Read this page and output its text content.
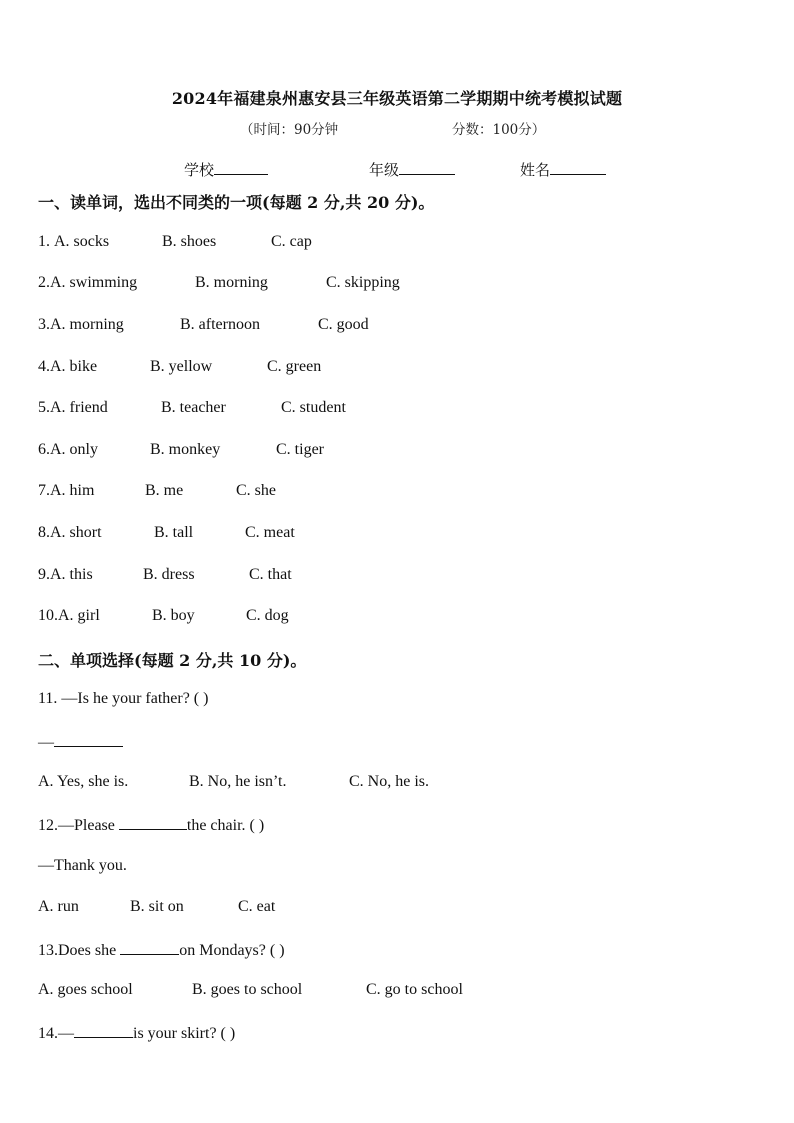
2024年福建泉州惠安县三年级英语第二学期期中统考模拟试题
（时间：90分钟	分数：100分）
学校	年级	姓名
一、读单词，选出不同类的一项(每题 2 分,共 20 分)。
1. A. socks	B. shoes	C. cap
2.A. swimming	B. morning	C. skipping
3.A. morning	B. afternoon	C. good
4.A. bike	B. yellow	C. green
5.A. friend	B. teacher	C. student
6.A. only	B. monkey	C. tiger
7.A. him	B. me	C. she
8.A. short	B. tall	C. meat
9.A. this	B. dress	C. that
10.A. girl	B. boy	C. dog
二、单项选择(每题 2 分,共 10 分)。
11. —Is he your father? ( )
—
A. Yes, she is.	B. No, he isn’t.	C. No, he is.
12.—Please	the chair. ( )
—Thank you.
A. run	B. sit on	C. eat
13.Does she	on Mondays? ( )
A. goes school	B. goes to school	C. go to school
14.—	is your skirt? ( )
